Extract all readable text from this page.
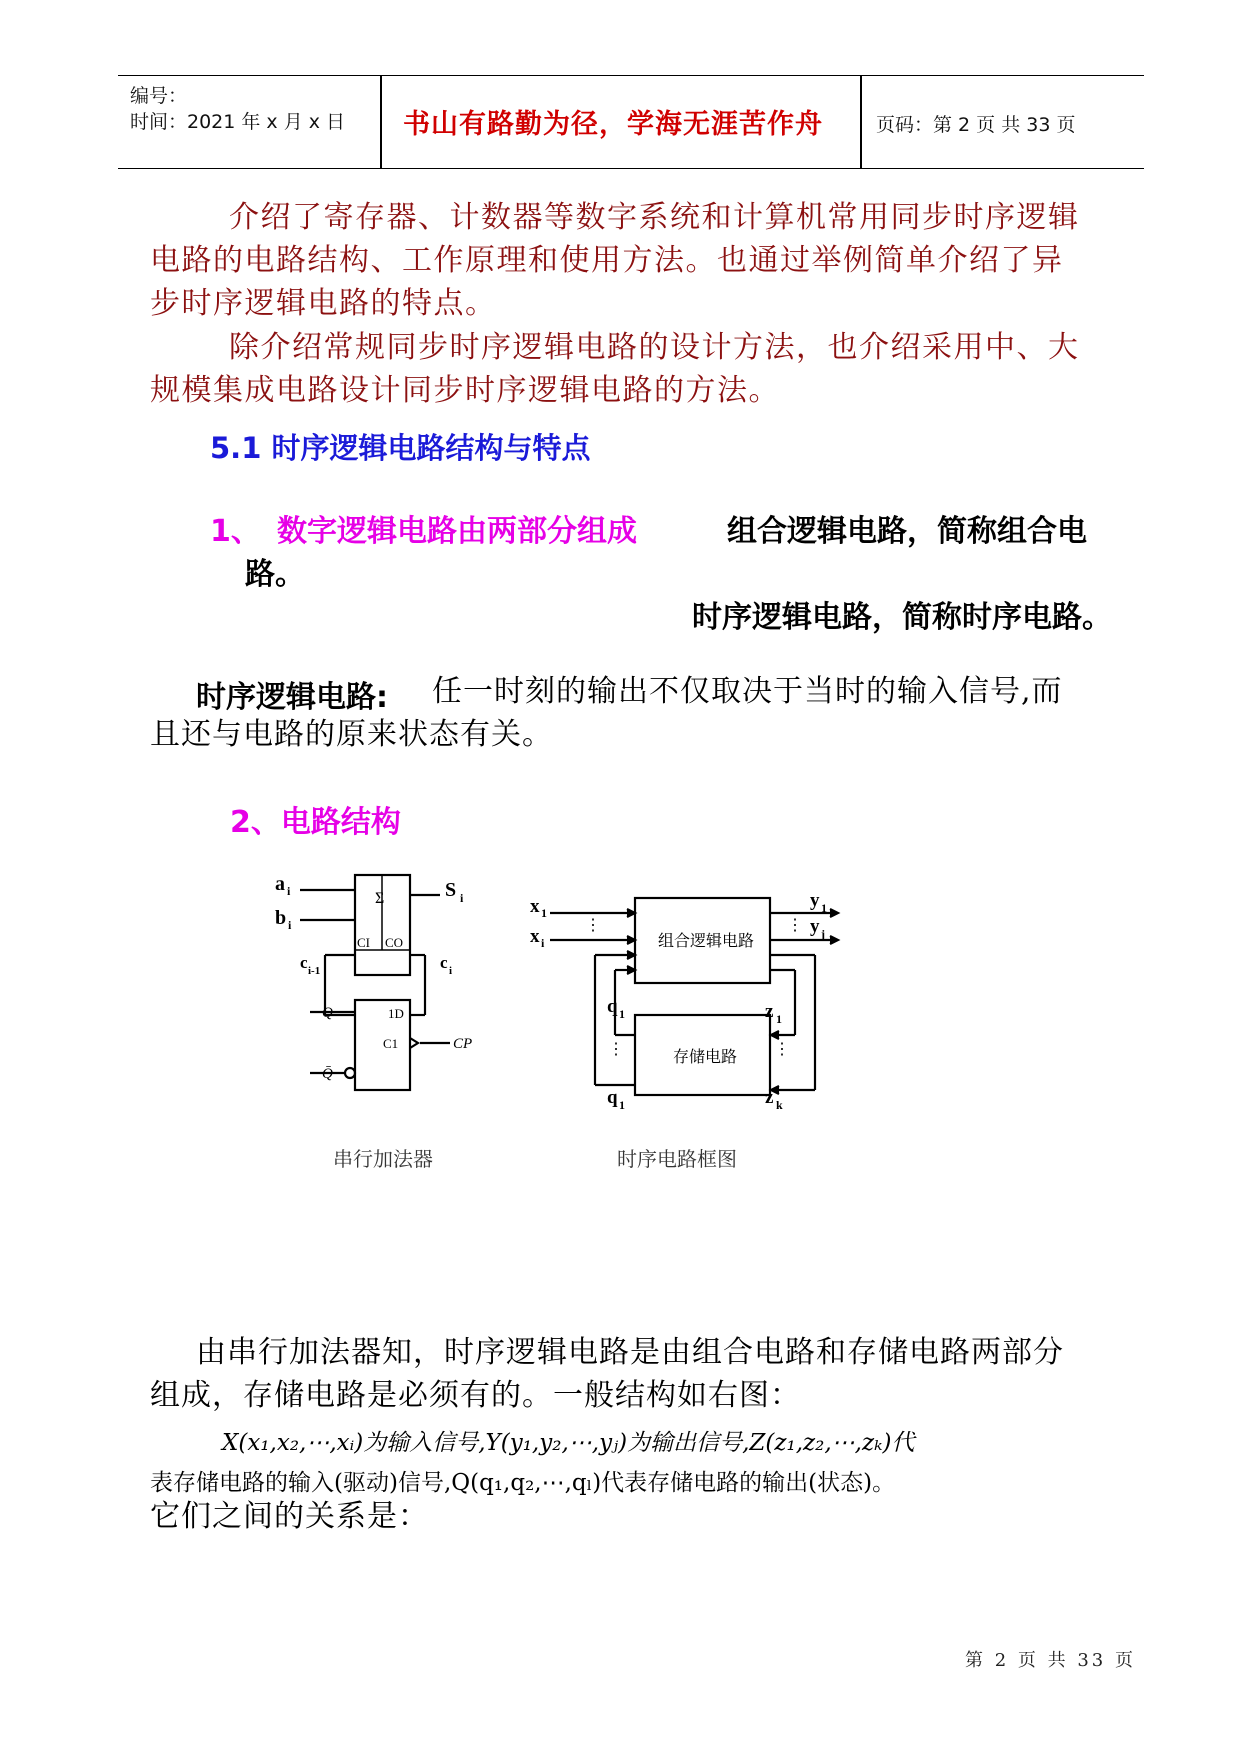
编号：
时间：2021 年 x 月 x 日 书山有路勤为径，学海无涯苦作舟	页码：第 2 页 共 33 页
介绍了寄存器、计数器等数字系统和计算机常用同步时序逻辑
电路的电路结构、工作原理和使用方法。也通过举例简单介绍了异
步时序逻辑电路的特点。
除介绍常规同步时序逻辑电路的设计方法，也介绍采用中、大
规模集成电路设计同步时序逻辑电路的方法。
5.1 时序逻辑电路结构与特点
1、 数字逻辑电路由两部分组成	组合逻辑电路，简称组合电
路。
时序逻辑电路，简称时序电路。
时序逻辑电路: 任一时刻的输出不仅取决于当时的输入信号,而
且还与电路的原来状态有关。
2、电路结构
a i
b i
S i
Σ
CI CO
c i-1	c i
Q
Q̄
1D
C1	CP
串行加法器
x 1
x i
⋮
y 1
y j
⋮
组合逻辑电路
存储电路
q 1
⋮
q 1
z 1
⋮
z k
时序电路框图
由串行加法器知，时序逻辑电路是由组合电路和存储电路两部分
组成，存储电路是必须有的。一般结构如右图：
X(x₁,x₂,⋯,xᵢ)为输入信号,Y(y₁,y₂,⋯,yⱼ)为输出信号,Z(z₁,z₂,⋯,zₖ)代
表存储电路的输入(驱动)信号,Q(q₁,q₂,⋯,qₗ)代表存储电路的输出(状态)。
它们之间的关系是：
第 2 页 共 33 页
